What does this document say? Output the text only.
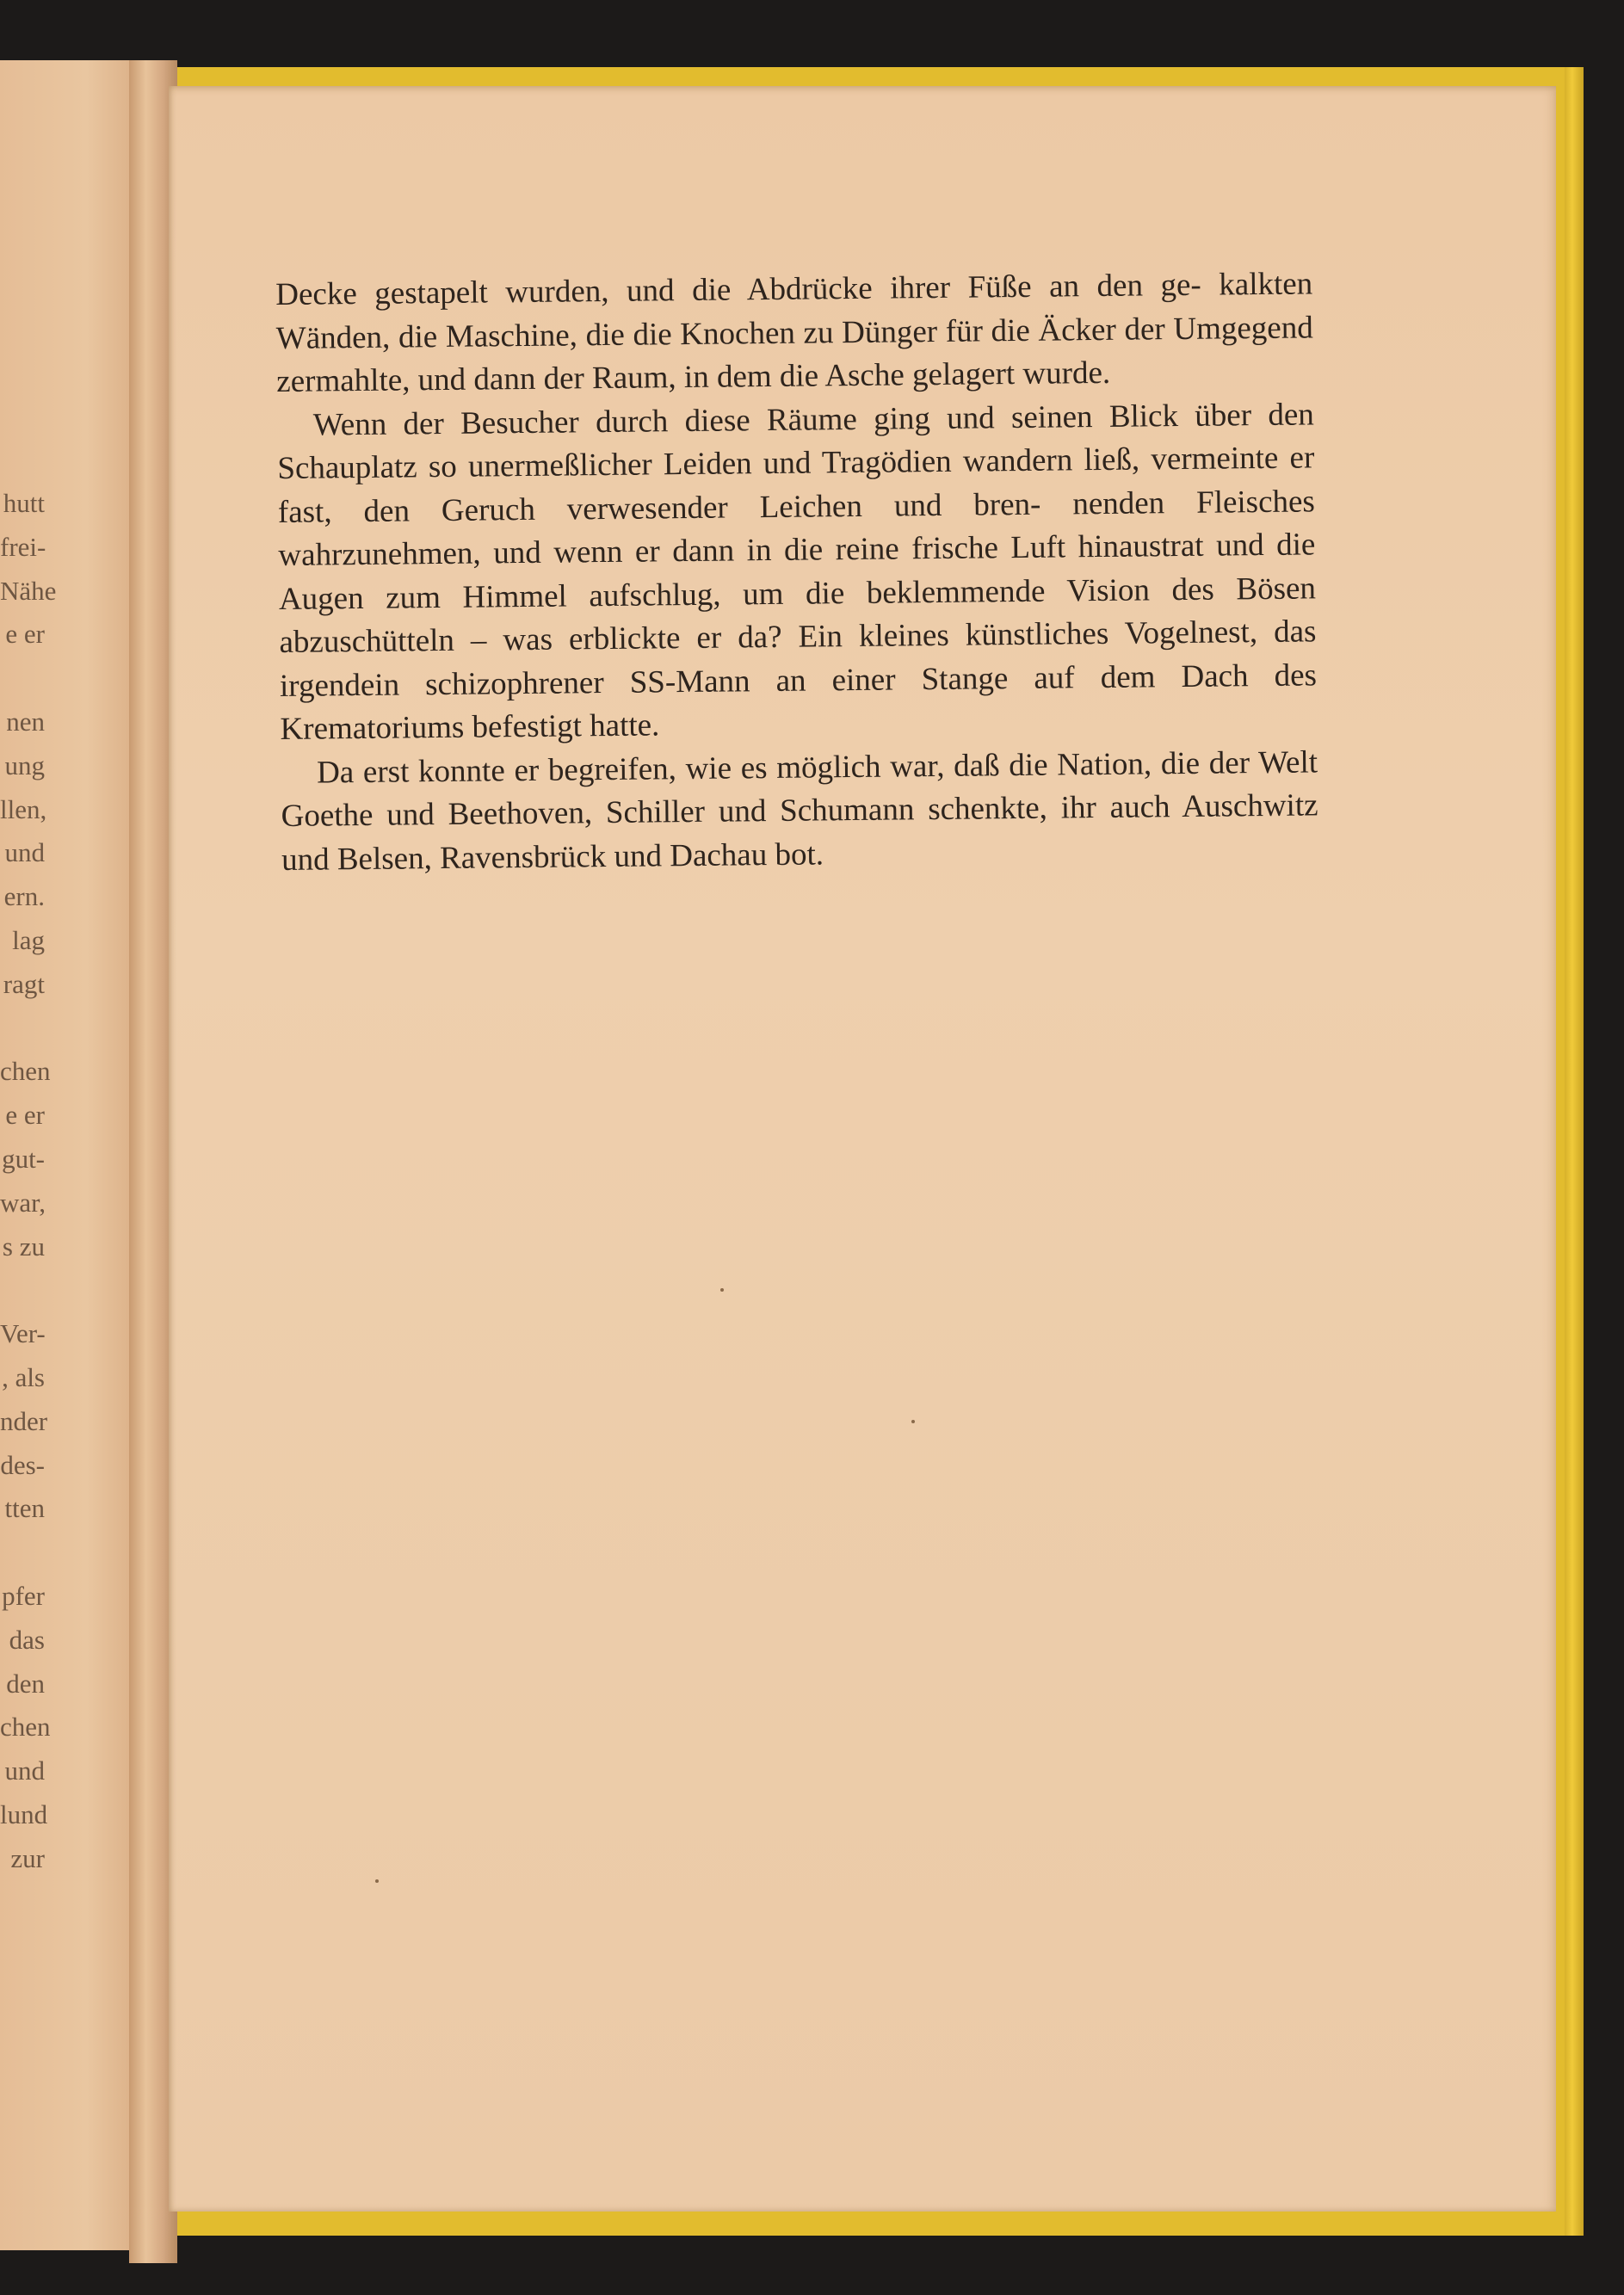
hutt
frei-
Nähe
e er
nen
ung
llen,
und
ern.
lag
ragt
chen
e er
gut-
war,
s zu
Ver-
, als
nder
des-
tten
pfer
das
den
chen
und
lund
zur

Decke gestapelt wurden, und die Abdrücke ihrer Füße an den ge- kalkten Wänden, die Maschine, die die Knochen zu Dünger für die Äcker der Umgegend zermahlte, und dann der Raum, in dem die Asche gelagert wurde.

Wenn der Besucher durch diese Räume ging und seinen Blick über den Schauplatz so unermeßlicher Leiden und Tragödien wandern ließ, vermeinte er fast, den Geruch verwesender Leichen und bren- nenden Fleisches wahrzunehmen, und wenn er dann in die reine frische Luft hinaustrat und die Augen zum Himmel aufschlug, um die beklemmende Vision des Bösen abzuschütteln – was erblickte er da? Ein kleines künstliches Vogelnest, das irgendein schizophrener SS-Mann an einer Stange auf dem Dach des Krematoriums befestigt hatte.

Da erst konnte er begreifen, wie es möglich war, daß die Nation, die der Welt Goethe und Beethoven, Schiller und Schumann schenkte, ihr auch Auschwitz und Belsen, Ravensbrück und Dachau bot.
